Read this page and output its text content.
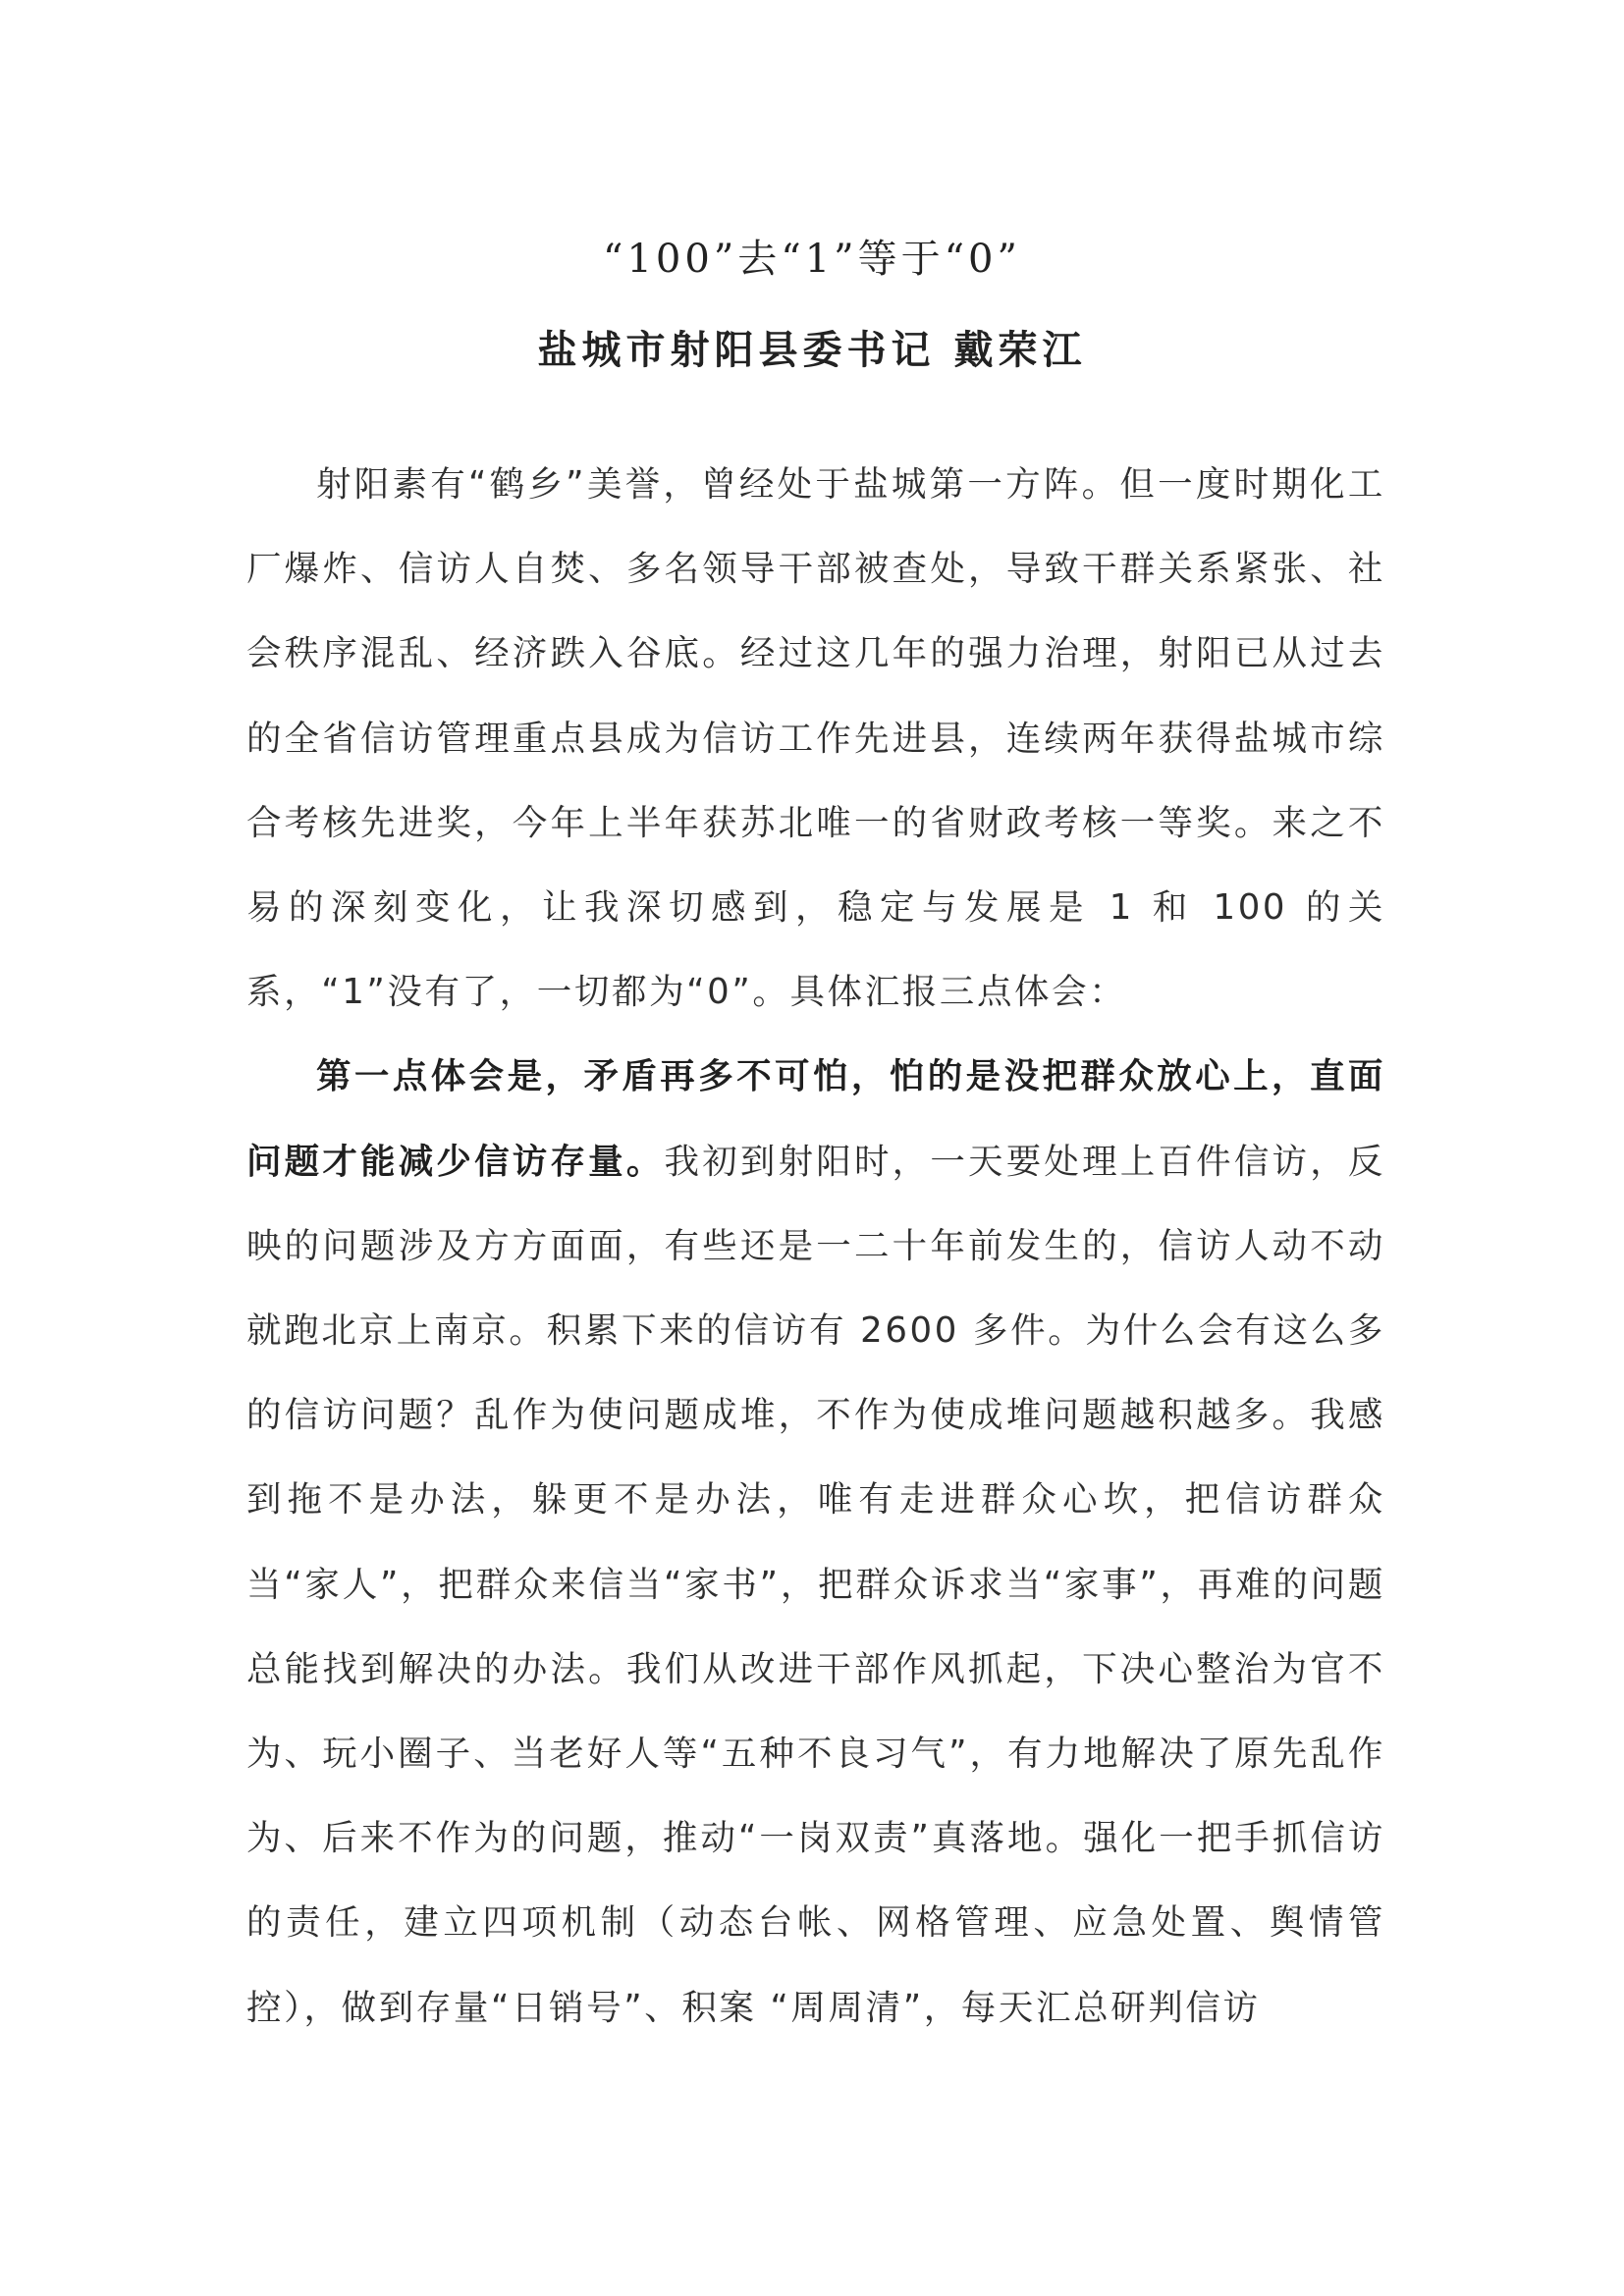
“100”去“1”等于“0”
盐城市射阳县委书记 戴荣江

射阳素有“鹤乡”美誉，曾经处于盐城第一方阵。但一度时期化工厂爆炸、信访人自焚、多名领导干部被查处，导致干群关系紧张、社会秩序混乱、经济跌入谷底。经过这几年的强力治理，射阳已从过去的全省信访管理重点县成为信访工作先进县，连续两年获得盐城市综合考核先进奖，今年上半年获苏北唯一的省财政考核一等奖。来之不易的深刻变化，让我深切感到，稳定与发展是 1 和 100 的关系，“1”没有了，一切都为“0”。具体汇报三点体会：

第一点体会是，矛盾再多不可怕，怕的是没把群众放心上，直面问题才能减少信访存量。我初到射阳时，一天要处理上百件信访，反映的问题涉及方方面面，有些还是一二十年前发生的，信访人动不动就跑北京上南京。积累下来的信访有 2600 多件。为什么会有这么多的信访问题？乱作为使问题成堆，不作为使成堆问题越积越多。我感到拖不是办法，躲更不是办法，唯有走进群众心坎，把信访群众当“家人”，把群众来信当“家书”，把群众诉求当“家事”，再难的问题总能找到解决的办法。我们从改进干部作风抓起，下决心整治为官不为、玩小圈子、当老好人等“五种不良习气”，有力地解决了原先乱作为、后来不作为的问题，推动“一岗双责”真落地。强化一把手抓信访的责任，建立四项机制（动态台帐、网格管理、应急处置、舆情管控），做到存量“日销号”、积案 “周周清”，每天汇总研判信访
